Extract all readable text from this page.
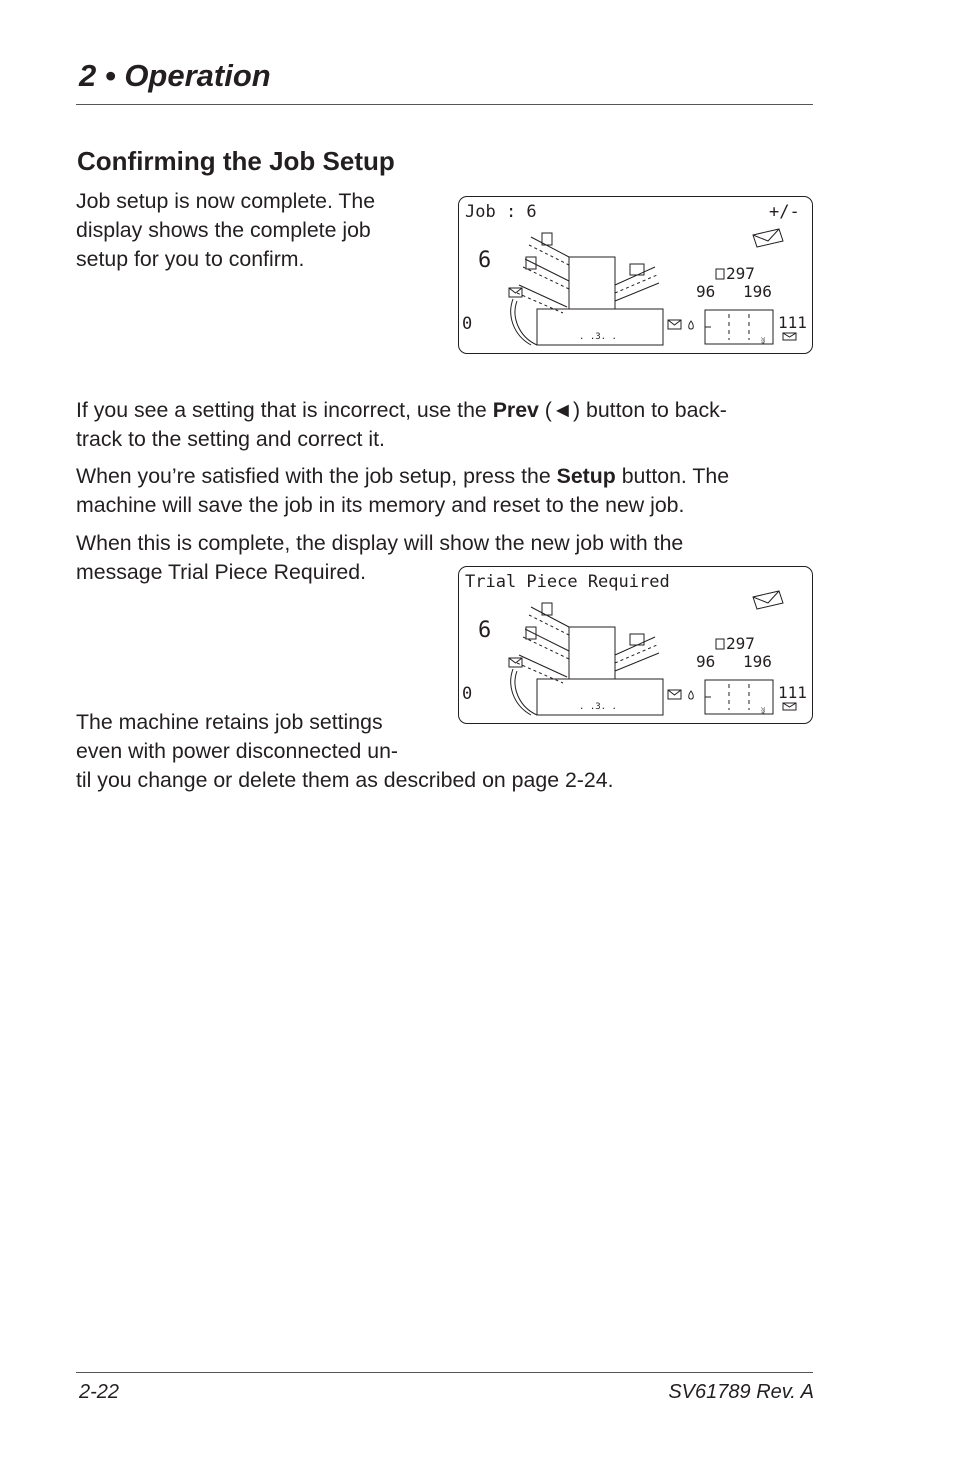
2 • Operation
Confirming the Job Setup

Job setup is now complete. The
display shows the complete job
setup for you to confirm.

Job : 6	+/-
6
0
297
96 196
. .3. .
111
ABC

If you see a setting that is incorrect, use the Prev (◄) button to back-
track to the setting and correct it.

When you’re satisfied with the job setup, press the Setup button. The
machine will save the job in its memory and reset to the new job.

When this is complete, the display will show the new job with the
message Trial Piece Required.	Trial Piece Required
6
0
297
96 196
. .3. .
111
ABC

The machine retains job settings
even with power disconnected un-
til you change or delete them as described on page 2-24.

2-22	SV61789 Rev. A
